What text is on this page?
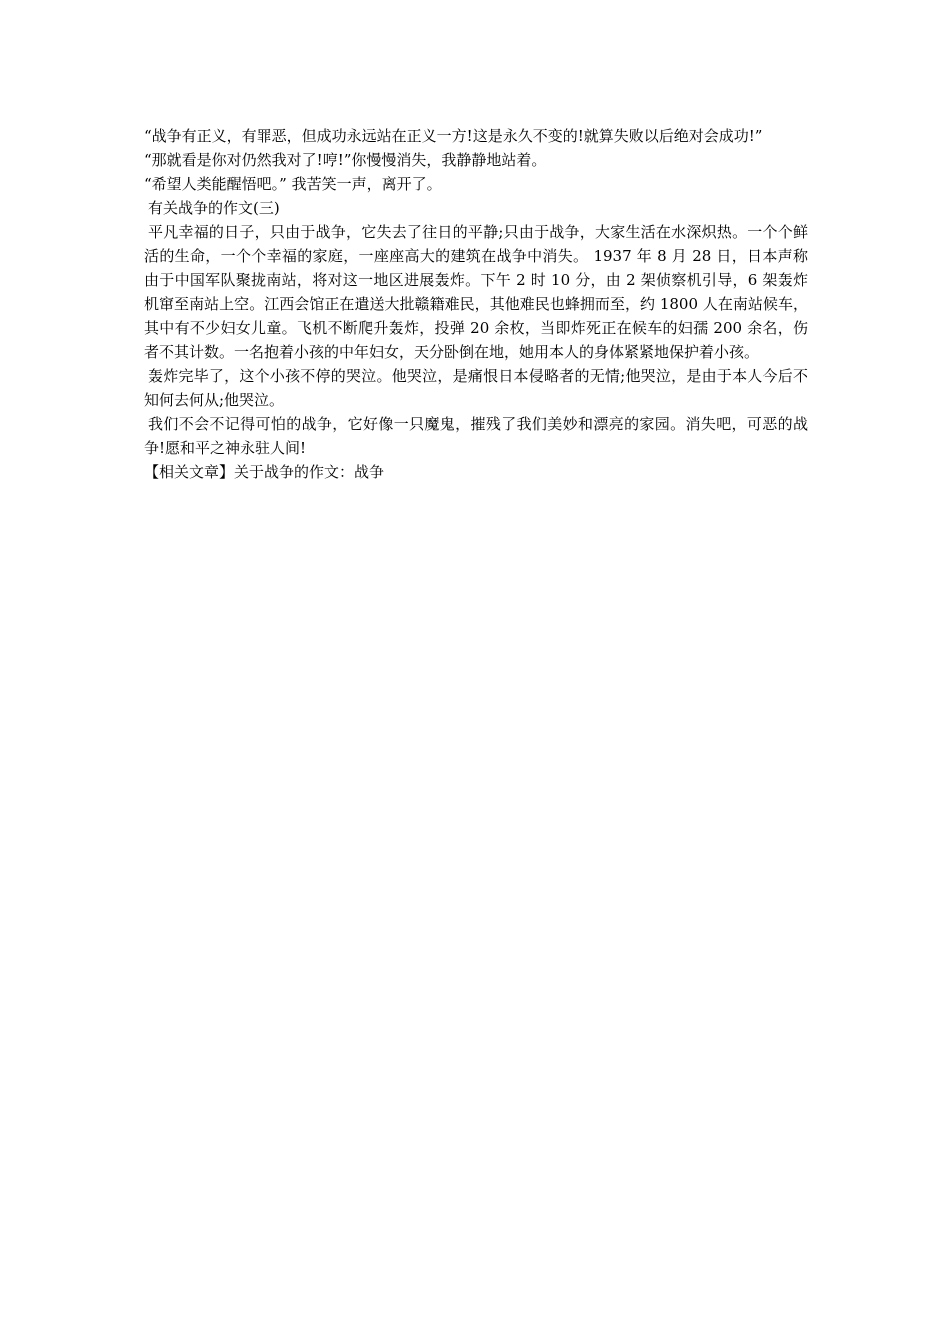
“战争有正义，有罪恶，但成功永远站在正义一方!这是永久不变的!就算失败以后绝对会成功!”

“那就看是你对仍然我对了!哼!”你慢慢消失，我静静地站着。

“希望人类能醒悟吧。” 我苦笑一声，离开了。

有关战争的作文(三)

平凡幸福的日子，只由于战争，它失去了往日的平静;只由于战争，大家生活在水深炽热。一个个鲜活的生命，一个个幸福的家庭，一座座高大的建筑在战争中消失。 1937 年 8 月 28 日，日本声称由于中国军队聚拢南站，将对这一地区进展轰炸。下午 2 时 10 分，由 2 架侦察机引导，6 架轰炸机窜至南站上空。江西会馆正在遣送大批赣籍难民，其他难民也蜂拥而至，约 1800 人在南站候车，其中有不少妇女儿童。飞机不断爬升轰炸，投弹 20 余枚，当即炸死正在候车的妇孺 200 余名，伤者不其计数。一名抱着小孩的中年妇女，天分卧倒在地，她用本人的身体紧紧地保护着小孩。

轰炸完毕了，这个小孩不停的哭泣。他哭泣，是痛恨日本侵略者的无情;他哭泣，是由于本人今后不知何去何从;他哭泣。

我们不会不记得可怕的战争，它好像一只魔鬼，摧残了我们美妙和漂亮的家园。消失吧，可恶的战争!愿和平之神永驻人间!

【相关文章】关于战争的作文：战争
